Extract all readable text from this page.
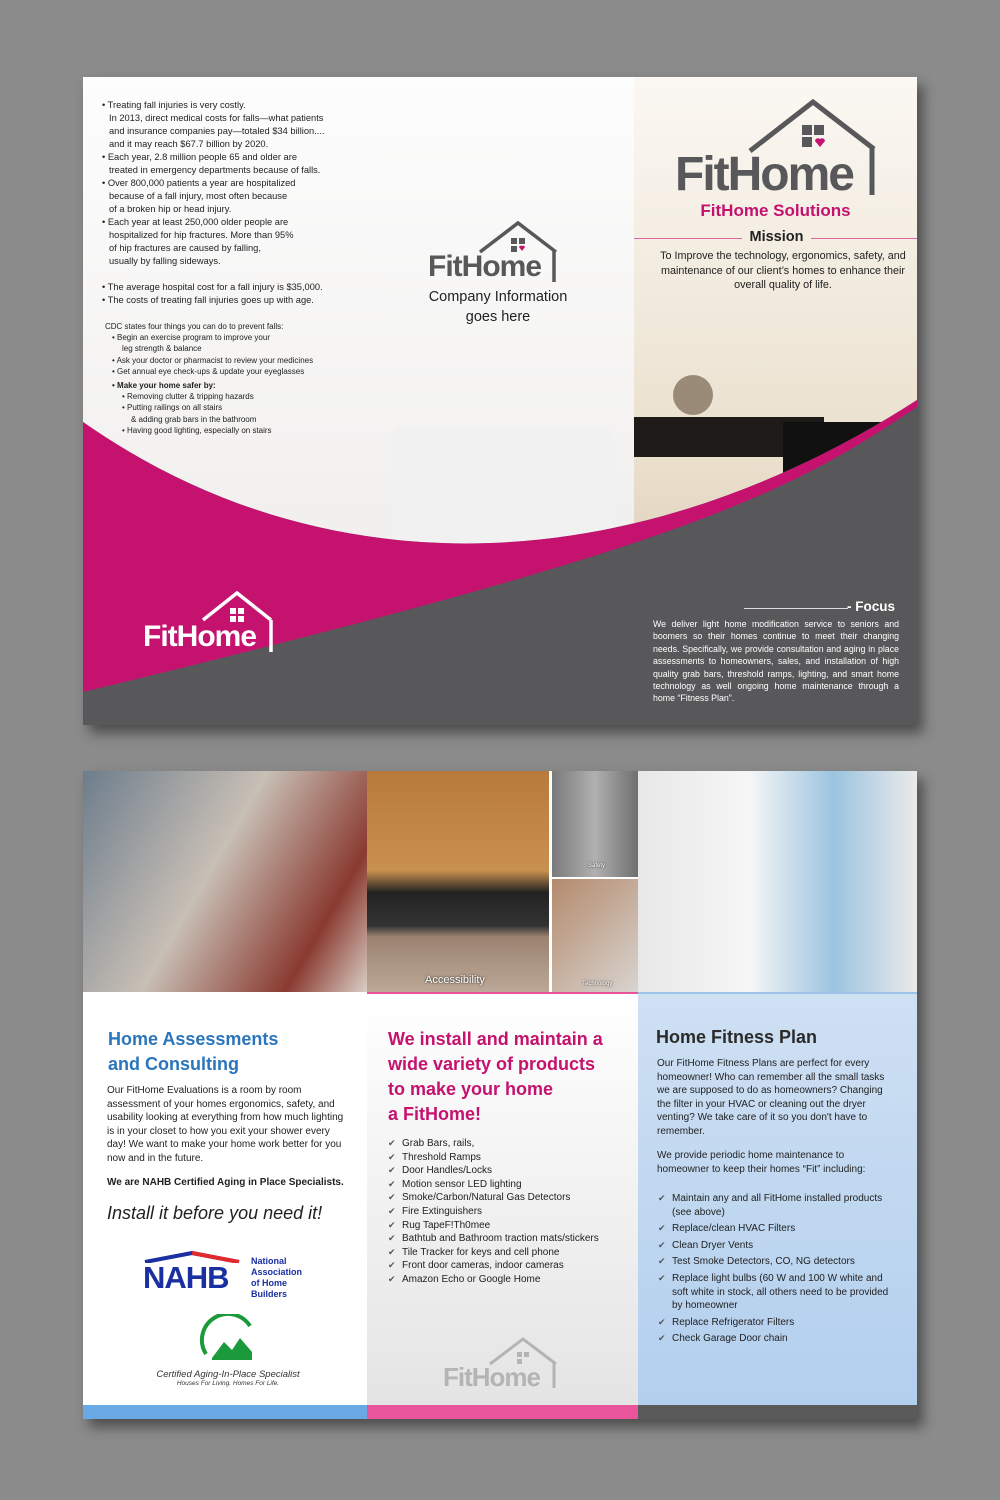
• Treating fall injuries is very costly.

In 2013, direct medical costs for falls—what patients

and insurance companies pay—totaled $34 billion....

and it may reach $67.7 billion by 2020.

• Each year, 2.8 million people 65 and older are

treated in emergency departments because of falls.

• Over 800,000 patients a year are hospitalized

because of a fall injury, most often because

of a broken hip or head injury.

• Each year at least 250,000 older people are

hospitalized for hip fractures. More than 95%

of hip fractures are caused by falling,

usually by falling sideways.

• The average hospital cost for a fall injury is $35,000.

• The costs of treating fall injuries goes up with age.

CDC states four things you can do to prevent falls:

• Begin an exercise program to improve your

leg strength & balance

• Ask your doctor or pharmacist to review your medicines

• Get annual eye check-ups & update your eyeglasses

• Make your home safer by:

• Removing clutter & tripping hazards

• Putting railings on all stairs

& adding grab bars in the bathroom

• Having good lighting, especially on stairs

FitHome
FitHome

Company Information

goes here

FitHome
FitHome Solutions
Mission
To Improve the technology, ergonomics, safety, and maintenance of our client’s homes to enhance their overall quality of life.
- Focus
We deliver light home modification service to seniors and boomers so their homes continue to meet their changing needs. Specifically, we provide consultation and aging in place assessments to homeowners, sales, and installation of high quality grab bars, threshold ramps, lighting, and smart home technology as well ongoing home maintenance through a home “Fitness Plan”.
Accessibility
Safety
Technology

Home Assessments

and Consulting

Our FitHome Evaluations is a room by room assessment of your homes ergonomics, safety, and usability looking at everything from how much lighting is in your closet to how you exit your shower every day! We want to make your home work better for you now and in the future.
We are NAHB Certified Aging in Place Specialists.
Install it before you need it!
NAHB National

Association

of Home

Builders

Certified Aging-In-Place Specialist

Houses For Living. Homes For Life.

We install and maintain a

wide variety of products

to make your home

a FitHome!

✔ Grab Bars, rails,
✔ Threshold Ramps
✔ Door Handles/Locks
✔ Motion sensor LED lighting
✔ Smoke/Carbon/Natural Gas Detectors
✔ Fire Extinguishers
✔ Rug TapeF!Th0mee
✔ Bathtub and Bathroom traction mats/stickers
✔ Tile Tracker for keys and cell phone
✔ Front door cameras, indoor cameras
✔ Amazon Echo or Google Home
FitHome
Home Fitness Plan
Our FitHome Fitness Plans are perfect for every homeowner! Who can remember all the small tasks we are supposed to do as homeowners? Changing the filter in your HVAC or cleaning out the dryer venting? We take care of it so you don't have to remember.
We provide periodic home maintenance to homeowner to keep their homes “Fit” including:
✔ Maintain any and all FitHome installed products (see above)
✔ Replace/clean HVAC Filters
✔ Clean Dryer Vents
✔ Test Smoke Detectors, CO, NG detectors
✔ Replace light bulbs (60 W and 100 W white and soft white in stock, all others need to be provided by homeowner
✔ Replace Refrigerator Filters
✔ Check Garage Door chain
